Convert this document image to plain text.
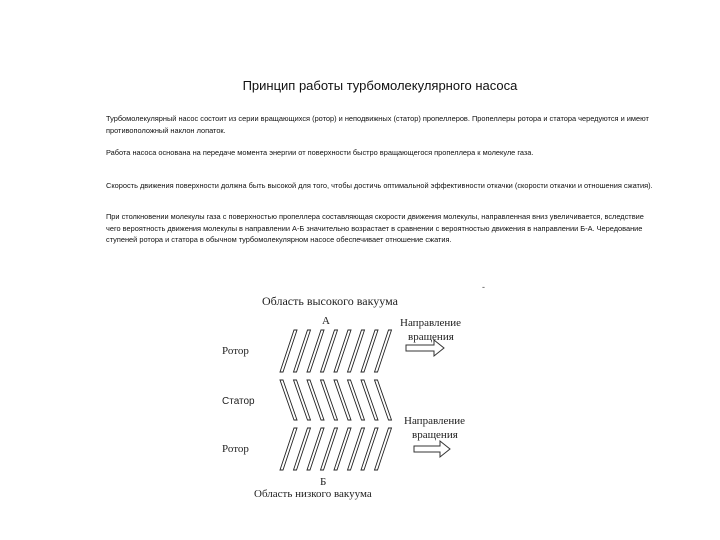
Принцип работы турбомолекулярного насоса
Турбомолекулярный насос состоит из серии вращающихся (ротор) и неподвижных (статор) пропеллеров. Пропеллеры ротора и статора чередуются и имеют противоположный наклон лопаток.
Работа насоса основана на передаче момента энергии от поверхности быстро вращающегося пропеллера к молекуле газа.
Скорость движения поверхности должна быть высокой для того, чтобы достичь оптимальной эффективности откачки (скорости откачки и отношения сжатия).
При столкновении молекулы газа с поверхностью пропеллера составляющая скорости движения молекулы, направленная вниз увеличивается, вследствие чего вероятность движения молекулы в направлении А-Б значительно возрастает в сравнении с вероятностью движения в направлении Б-А. Чередование ступеней ротора и статора в обычном турбомолекулярном насосе обеспечивает отношение сжатия.
-
Область высокого вакуума
А
Ротор
Статор
Ротор
Направление
вращения
Направление
вращения
Б
Область низкого вакуума
